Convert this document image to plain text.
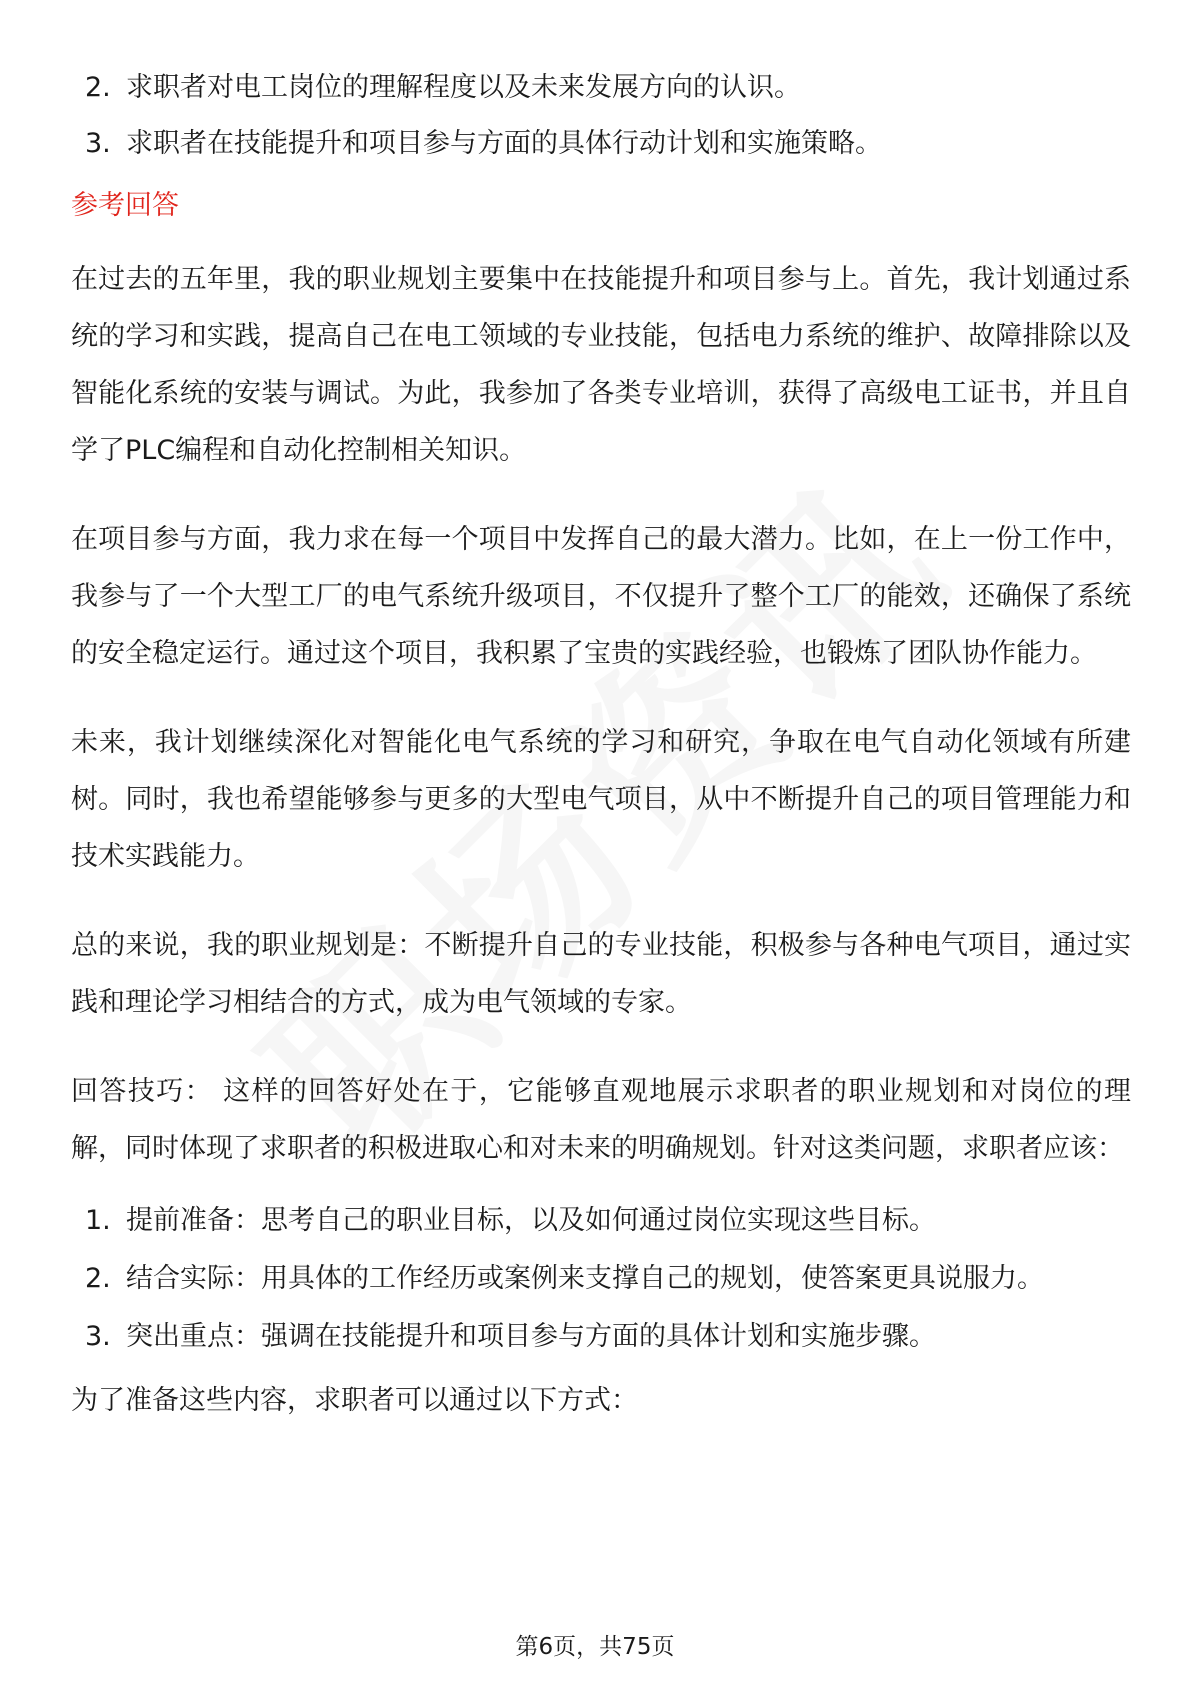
2. 求职者对电工岗位的理解程度以及未来发展方向的认识。
3. 求职者在技能提升和项目参与方面的具体行动计划和实施策略。
参考回答

在过去的五年里，我的职业规划主要集中在技能提升和项目参与上。首先，我计划通过系统的学习和实践，提高自己在电工领域的专业技能，包括电力系统的维护、故障排除以及智能化系统的安装与调试。为此，我参加了各类专业培训，获得了高级电工证书，并且自学了PLC编程和自动化控制相关知识。

在项目参与方面，我力求在每一个项目中发挥自己的最大潜力。比如，在上一份工作中，我参与了一个大型工厂的电气系统升级项目，不仅提升了整个工厂的能效，还确保了系统的安全稳定运行。通过这个项目，我积累了宝贵的实践经验，也锻炼了团队协作能力。

未来，我计划继续深化对智能化电气系统的学习和研究，争取在电气自动化领域有所建树。同时，我也希望能够参与更多的大型电气项目，从中不断提升自己的项目管理能力和技术实践能力。

总的来说，我的职业规划是：不断提升自己的专业技能，积极参与各种电气项目，通过实践和理论学习相结合的方式，成为电气领域的专家。

回答技巧： 这样的回答好处在于，它能够直观地展示求职者的职业规划和对岗位的理解，同时体现了求职者的积极进取心和对未来的明确规划。针对这类问题，求职者应该：

1. 提前准备：思考自己的职业目标，以及如何通过岗位实现这些目标。
2. 结合实际：用具体的工作经历或案例来支撑自己的规划，使答案更具说服力。
3. 突出重点：强调在技能提升和项目参与方面的具体计划和实施步骤。

为了准备这些内容，求职者可以通过以下方式：

第6页，共75页
